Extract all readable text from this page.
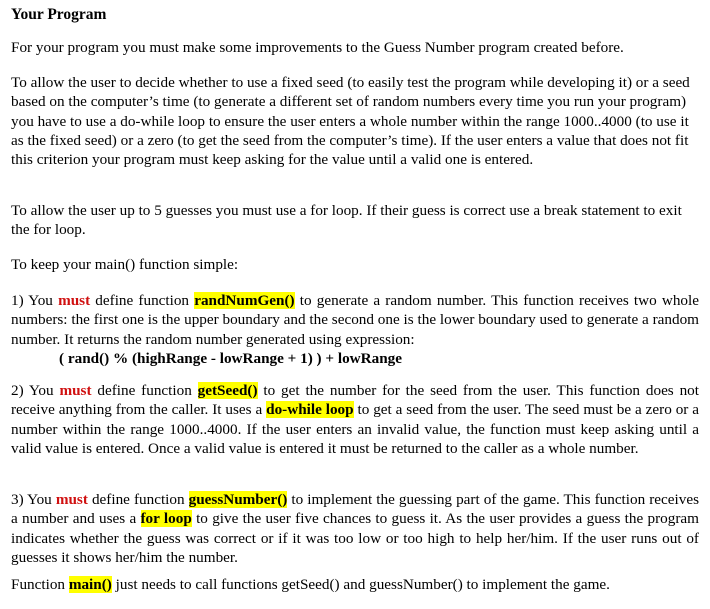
Your Program

For your program you must make some improvements to the Guess Number program created before.

To allow the user to decide whether to use a fixed seed (to easily test the program while developing it) or a seed based on the computer’s time (to generate a different set of random numbers every time you run your program) you have to use a do-while loop to ensure the user enters a whole number within the range 1000..4000 (to use it as the fixed seed) or a zero (to get the seed from the computer’s time). If the user enters a value that does not fit this criterion your program must keep asking for the value until a valid one is entered.

To allow the user up to 5 guesses you must use a for loop. If their guess is correct use a break statement to exit the for loop.

To keep your main() function simple:

1) You must define function randNumGen() to generate a random number. This function receives two whole numbers: the first one is the upper boundary and the second one is the lower boundary used to generate a random number. It returns the random number generated using expression:

( rand() % (highRange - lowRange + 1) ) + lowRange

2) You must define function getSeed() to get the number for the seed from the user. This function does not receive anything from the caller. It uses a do-while loop to get a seed from the user. The seed must be a zero or a number within the range 1000..4000. If the user enters an invalid value, the function must keep asking until a valid value is entered. Once a valid value is entered it must be returned to the caller as a whole number.

3) You must define function guessNumber() to implement the guessing part of the game. This function receives a number and uses a for loop to give the user five chances to guess it. As the user provides a guess the program indicates whether the guess was correct or if it was too low or too high to help her/him. If the user runs out of guesses it shows her/him the number.

Function main() just needs to call functions getSeed() and guessNumber() to implement the game.
